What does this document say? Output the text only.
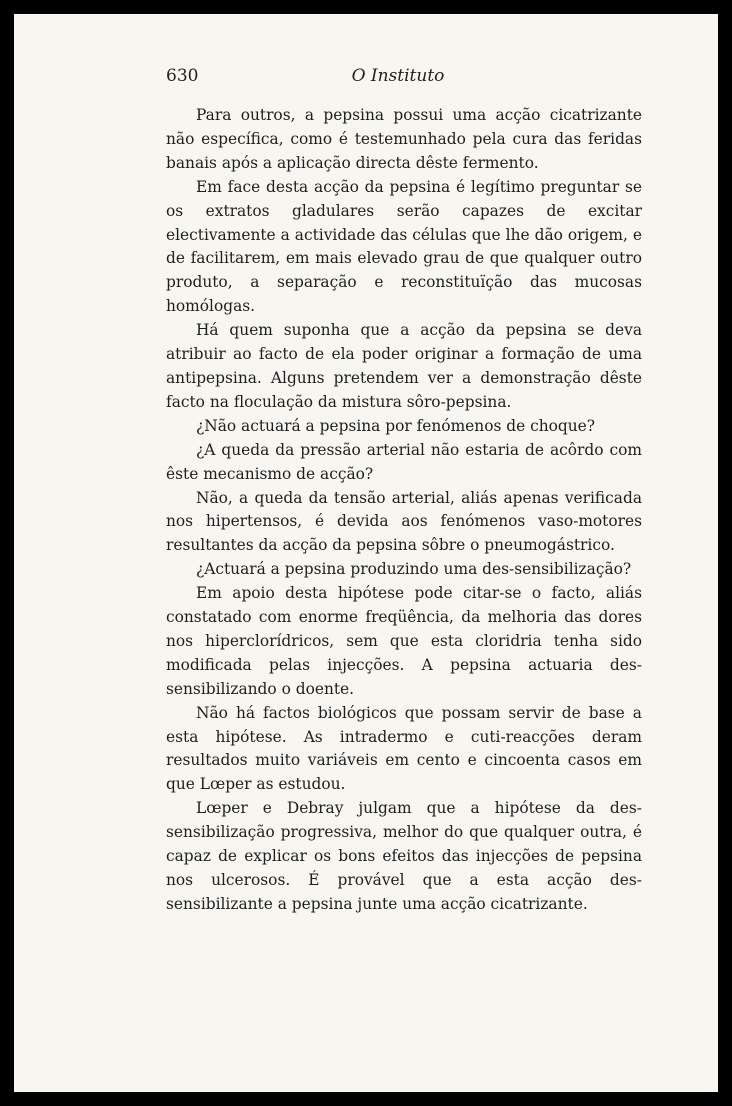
630	O Instituto

Para outros, a pepsina possui uma acção cicatrizante não específica, como é testemunhado pela cura das feridas banais após a aplicação directa dêste fermento.

Em face desta acção da pepsina é legítimo preguntar se os extratos gladulares serão capazes de excitar electivamente a actividade das células que lhe dão origem, e de facilitarem, em mais elevado grau de que qualquer outro produto, a separação e reconstituïção das mucosas homólogas.

Há quem suponha que a acção da pepsina se deva atribuir ao facto de ela poder originar a formação de uma antipepsina. Alguns pretendem ver a demonstração dêste facto na floculação da mistura sôro-pepsina.

¿Não actuará a pepsina por fenómenos de choque?

¿A queda da pressão arterial não estaria de acôrdo com êste mecanismo de acção?

Não, a queda da tensão arterial, aliás apenas verificada nos hipertensos, é devida aos fenómenos vaso-motores resultantes da acção da pepsina sôbre o pneumogástrico.

¿Actuará a pepsina produzindo uma des-sensibilização?

Em apoio desta hipótese pode citar-se o facto, aliás constatado com enorme freqüência, da melhoria das dores nos hiperclorídricos, sem que esta cloridria tenha sido modificada pelas injecções. A pepsina actuaria des-sensibilizando o doente.

Não há factos biológicos que possam servir de base a esta hipótese. As intradermo e cuti-reacções deram resultados muito variáveis em cento e cincoenta casos em que Lœper as estudou.

Lœper e Debray julgam que a hipótese da des-sensibilização progressiva, melhor do que qualquer outra, é capaz de explicar os bons efeitos das injecções de pepsina nos ulcerosos. É provável que a esta acção des-sensibilizante a pepsina junte uma acção cicatrizante.
